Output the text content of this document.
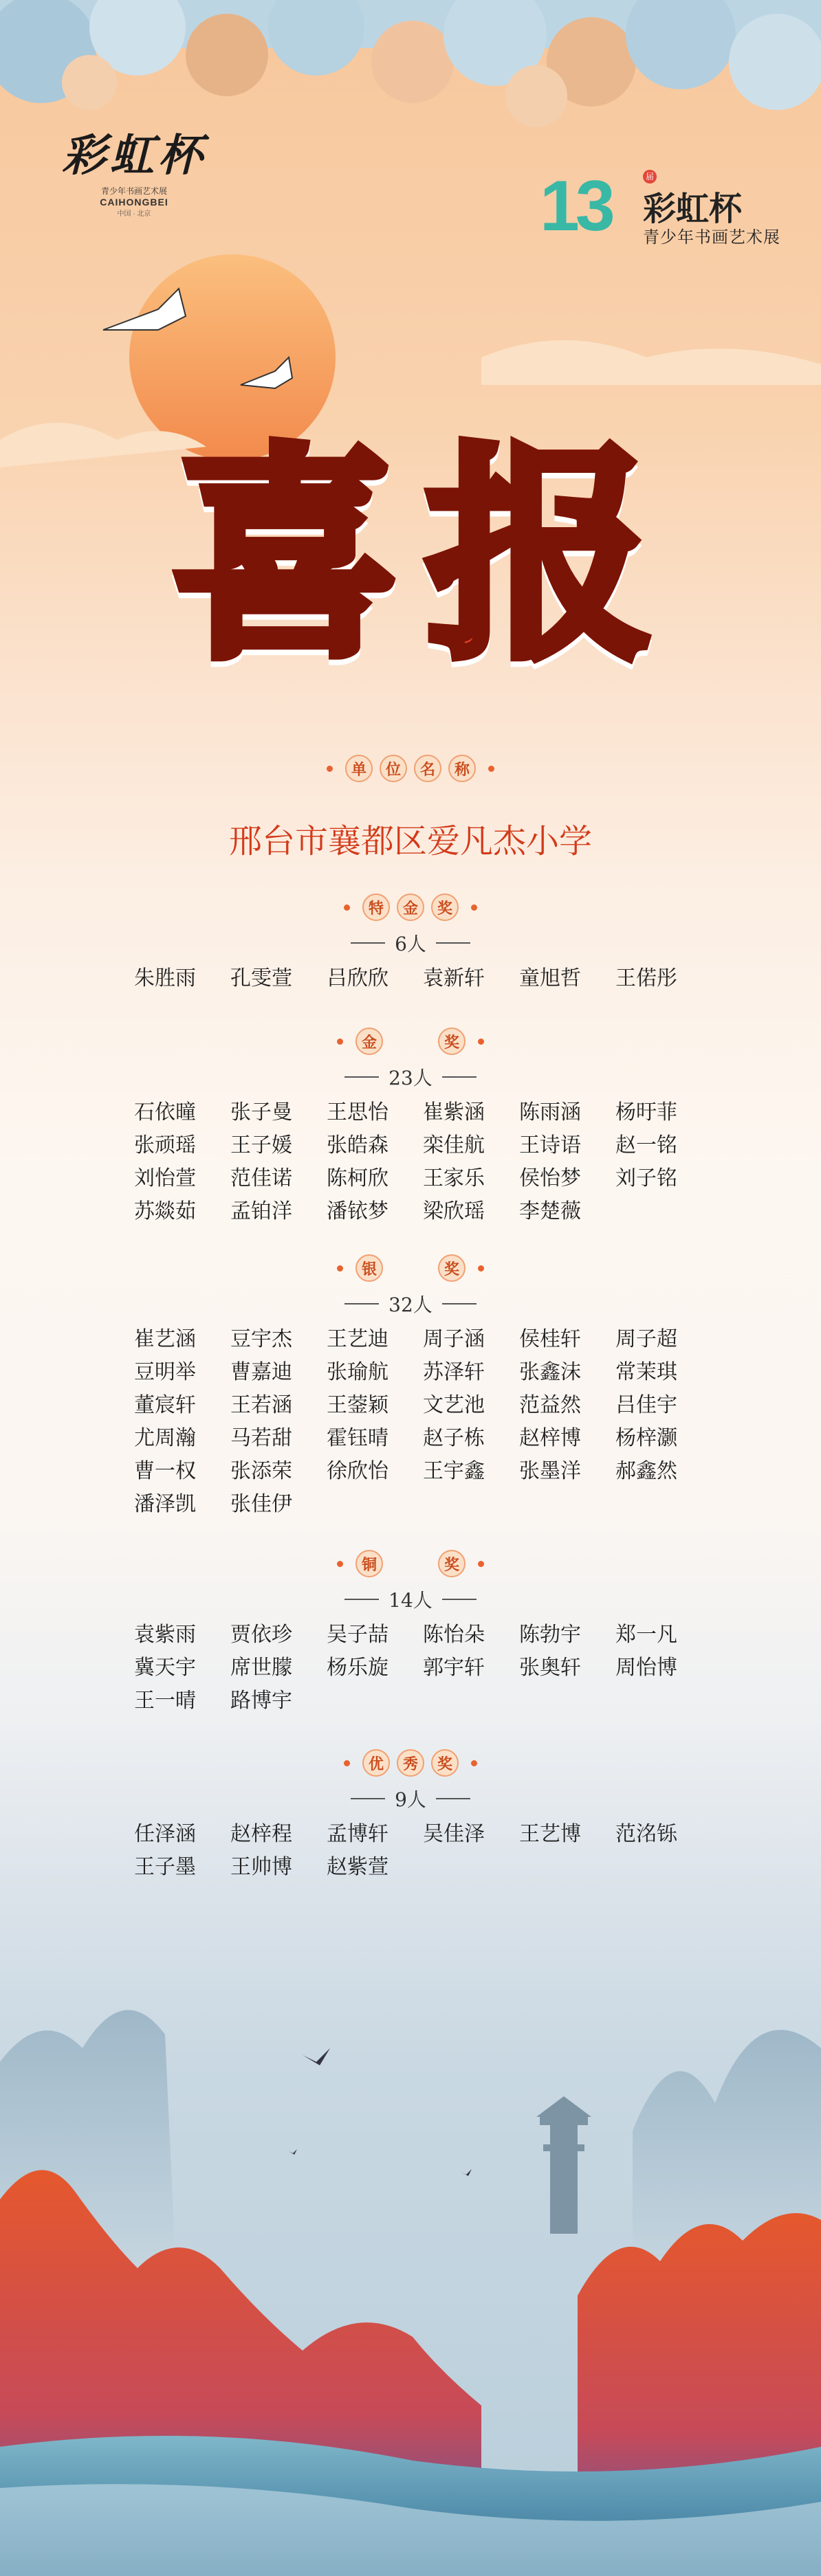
彩虹杯
青少年书画艺术展
CAIHONGBEI
中国 · 北京	13	届
彩虹杯
青少年书画艺术展
喜 报
单	位	名	称
邢台市襄都区爱凡杰小学
特	金	奖
6人
朱胜雨	孔雯萱	吕欣欣	袁新轩	童旭哲	王偌彤
金	奖
23人
石依曈	张子曼	王思怡	崔紫涵	陈雨涵	杨旴菲
张顽瑶	王子媛	张皓森	栾佳航	王诗语	赵一铭
刘怡萱	范佳诺	陈柯欣	王家乐	侯怡梦	刘子铭
苏燚茹	孟铂洋	潘铱梦	梁欣瑶	李楚薇
银	奖
32人
崔艺涵	豆宇杰	王艺迪	周子涵	侯桂轩	周子超
豆明举	曹嘉迪	张瑜航	苏泽轩	张鑫沫	常茉琪
董宸轩	王若涵	王蓥颖	文艺池	范益然	吕佳宇
尤周瀚	马若甜	霍钰晴	赵子栋	赵梓博	杨梓灏
曹一权	张添荣	徐欣怡	王宇鑫	张墨洋	郝鑫然
潘泽凯	张佳伊
铜	奖
14人
袁紫雨	贾依珍	吴子喆	陈怡朵	陈勃宇	郑一凡
冀天宇	席世朦	杨乐旋	郭宇轩	张奥轩	周怡博
王一晴	路博宇
优	秀	奖
9人
任泽涵	赵梓程	孟博轩	吴佳泽	王艺博	范洺铄
王子墨	王帅博	赵紫萱
